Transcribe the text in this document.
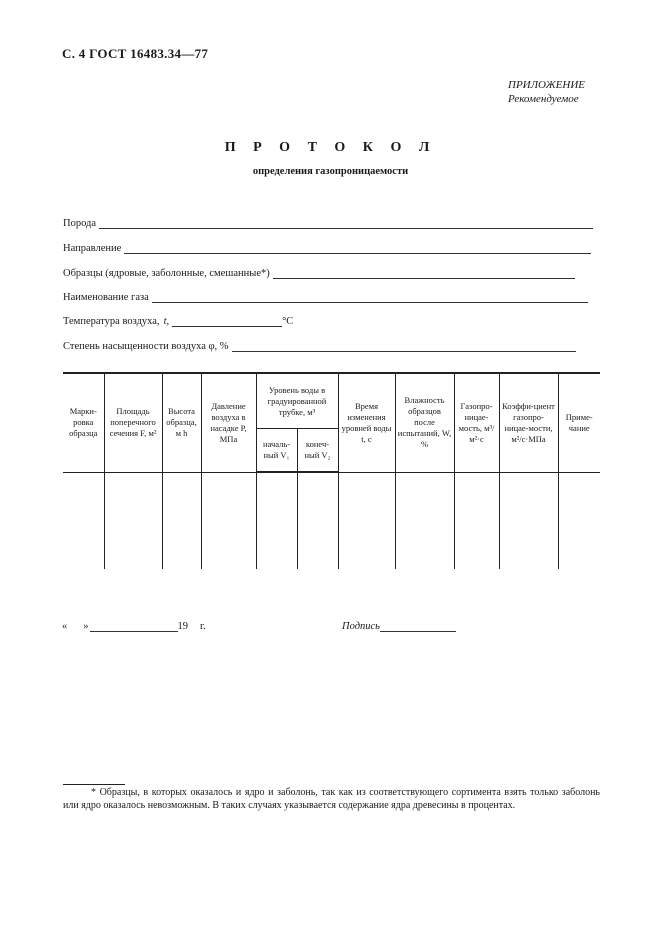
С. 4 ГОСТ 16483.34—77
ПРИЛОЖЕНИЕ
Рекомендуемое
П Р О Т О К О Л
определения газопроницаемости
Порода
Направление
Образцы (ядровые, заболонные, смешанные*)
Наименование газа
Температура воздуха, t,	°С
Степень насыщенности воздуха φ, %
Марки-ровка образца	Площадь поперечного сечения F, м²	Высота образца, м h	Давление воздуха в насадке P, МПа	Уровень воды в градуированной трубке, м³		Время изменения уровней воды t, с	Влажность образцов после испытаний, W, %	Газопро-ницае-мость, м³/м²·с	Коэффи-циент газопро-ницае-мости, м²/с·МПа	Приме-чание
				началь-ный V₁	конеч-ный V₂					

« »	19 г.	Подпись
* Образцы, в которых оказалось и ядро и заболонь, так как из соответствующего сортимента взять только заболонь или ядро оказалось невозможным. В таких случаях указывается содержание ядра древесины в процентах.
